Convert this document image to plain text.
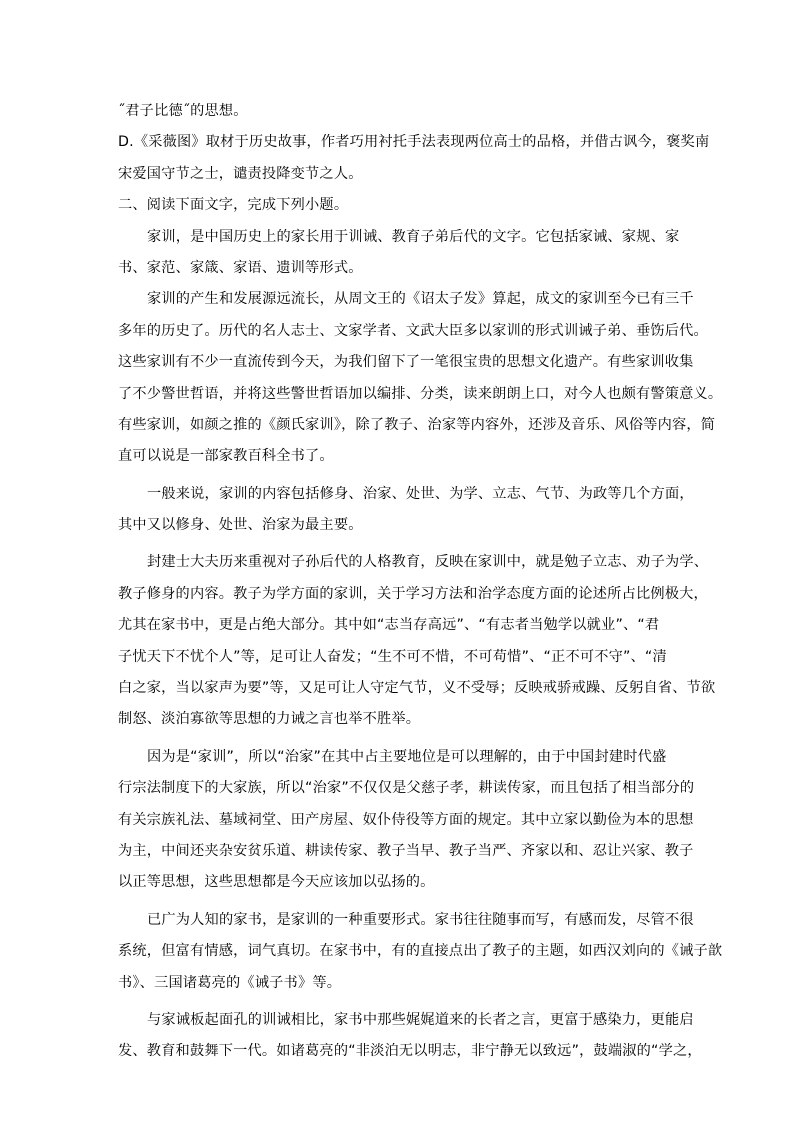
˝君子比德˝的思想。
D.《采薇图》取材于历史故事，作者巧用衬托手法表现两位高士的品格，并借古讽今，褒奖南
宋爱国守节之士，谴责投降变节之人。
二、阅读下面文字，完成下列小题。
家训，是中国历史上的家长用于训诫、教育子弟后代的文字。它包括家诫、家规、家
书、家范、家箴、家语、遗训等形式。
家训的产生和发展源远流长，从周文王的《诏太子发》算起，成文的家训至今已有三千
多年的历史了。历代的名人志士、文家学者、文武大臣多以家训的形式训诫子弟、垂饬后代。
这些家训有不少一直流传到今天，为我们留下了一笔很宝贵的思想文化遗产。有些家训收集
了不少警世哲语，并将这些警世哲语加以编排、分类，读来朗朗上口，对今人也颇有警策意义。
有些家训，如颜之推的《颜氏家训》，除了教子、治家等内容外，还涉及音乐、风俗等内容，简
直可以说是一部家教百科全书了。
一般来说，家训的内容包括修身、治家、处世、为学、立志、气节、为政等几个方面，
其中又以修身、处世、治家为最主要。
封建士大夫历来重视对子孙后代的人格教育，反映在家训中，就是勉子立志、劝子为学、
教子修身的内容。教子为学方面的家训，关于学习方法和治学态度方面的论述所占比例极大，
尤其在家书中，更是占绝大部分。其中如“志当存高远”、“有志者当勉学以就业”、“君
子忧天下不忧个人”等，足可让人奋发；“生不可不惜，不可苟惜”、“正不可不守”、“清
白之家，当以家声为要”等，又足可让人守定气节，义不受辱；反映戒骄戒躁、反躬自省、节欲
制怒、淡泊寡欲等思想的力诫之言也举不胜举。
因为是“家训”，所以“治家”在其中占主要地位是可以理解的，由于中国封建时代盛
行宗法制度下的大家族，所以“治家”不仅仅是父慈子孝，耕读传家，而且包括了相当部分的
有关宗族礼法、墓域祠堂、田产房屋、奴仆侍役等方面的规定。其中立家以勤俭为本的思想
为主，中间还夹杂安贫乐道、耕读传家、教子当早、教子当严、齐家以和、忍让兴家、教子
以正等思想，这些思想都是今天应该加以弘扬的。
已广为人知的家书，是家训的一种重要形式。家书往往随事而写，有感而发，尽管不很
系统，但富有情感，词气真切。在家书中，有的直接点出了教子的主题，如西汉刘向的《诫子歆
书》、三国诸葛亮的《诫子书》等。
与家诫板起面孔的训诫相比，家书中那些娓娓道来的长者之言，更富于感染力，更能启
发、教育和鼓舞下一代。如诸葛亮的“非淡泊无以明志，非宁静无以致远”，鼓端淑的“学之，
